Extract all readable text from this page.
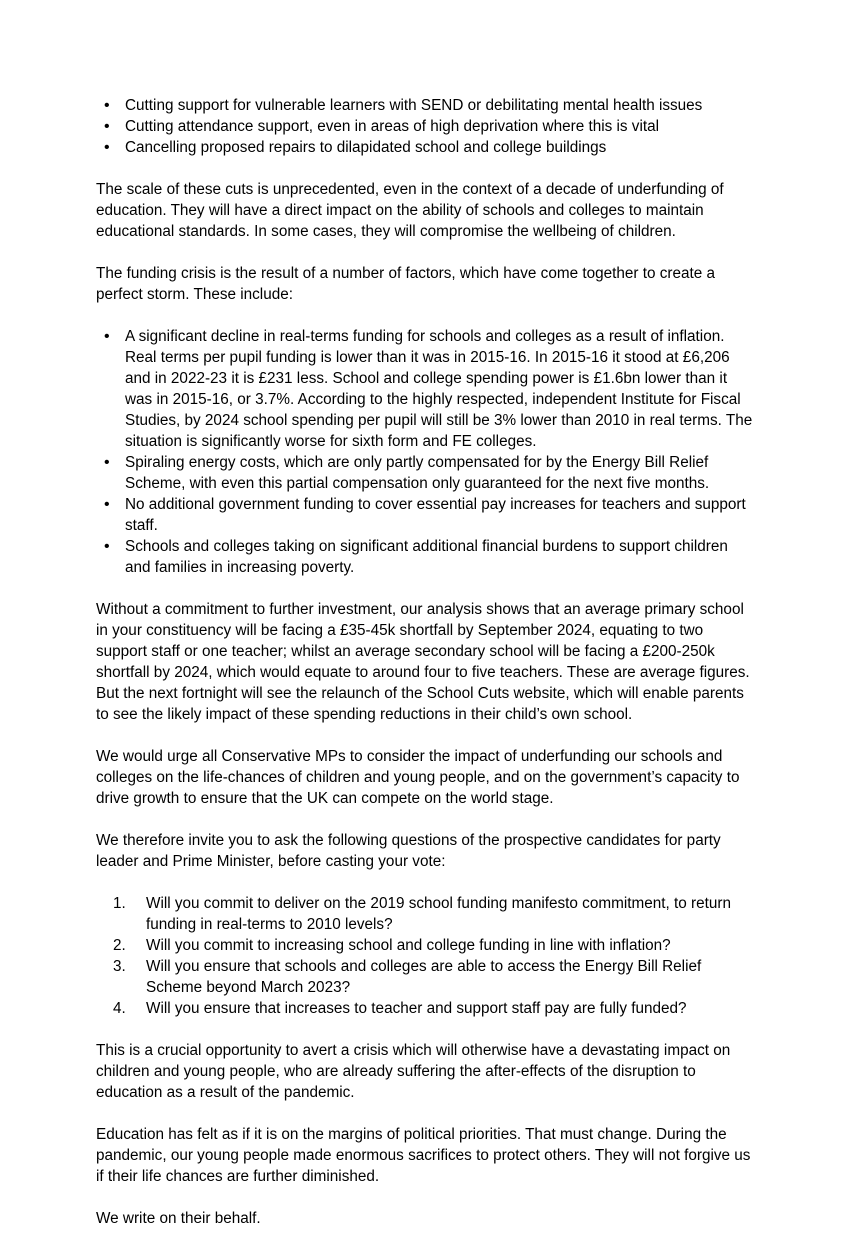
• Cutting support for vulnerable learners with SEND or debilitating mental health issues
• Cutting attendance support, even in areas of high deprivation where this is vital
• Cancelling proposed repairs to dilapidated school and college buildings

The scale of these cuts is unprecedented, even in the context of a decade of underfunding of education. They will have a direct impact on the ability of schools and colleges to maintain educational standards. In some cases, they will compromise the wellbeing of children.

The funding crisis is the result of a number of factors, which have come together to create a perfect storm. These include:

• A significant decline in real-terms funding for schools and colleges as a result of inflation. Real terms per pupil funding is lower than it was in 2015-16. In 2015-16 it stood at £6,206 and in 2022-23 it is £231 less. School and college spending power is £1.6bn lower than it was in 2015-16, or 3.7%. According to the highly respected, independent Institute for Fiscal Studies, by 2024 school spending per pupil will still be 3% lower than 2010 in real terms. The situation is significantly worse for sixth form and FE colleges.
• Spiraling energy costs, which are only partly compensated for by the Energy Bill Relief Scheme, with even this partial compensation only guaranteed for the next five months.
• No additional government funding to cover essential pay increases for teachers and support staff.
• Schools and colleges taking on significant additional financial burdens to support children and families in increasing poverty.

Without a commitment to further investment, our analysis shows that an average primary school in your constituency will be facing a £35-45k shortfall by September 2024, equating to two support staff or one teacher; whilst an average secondary school will be facing a £200-250k shortfall by 2024, which would equate to around four to five teachers. These are average figures. But the next fortnight will see the relaunch of the School Cuts website, which will enable parents to see the likely impact of these spending reductions in their child’s own school.

We would urge all Conservative MPs to consider the impact of underfunding our schools and colleges on the life-chances of children and young people, and on the government’s capacity to drive growth to ensure that the UK can compete on the world stage.

We therefore invite you to ask the following questions of the prospective candidates for party leader and Prime Minister, before casting your vote:

1. Will you commit to deliver on the 2019 school funding manifesto commitment, to return funding in real-terms to 2010 levels?
2. Will you commit to increasing school and college funding in line with inflation?
3. Will you ensure that schools and colleges are able to access the Energy Bill Relief Scheme beyond March 2023?
4. Will you ensure that increases to teacher and support staff pay are fully funded?

This is a crucial opportunity to avert a crisis which will otherwise have a devastating impact on children and young people, who are already suffering the after-effects of the disruption to education as a result of the pandemic.

Education has felt as if it is on the margins of political priorities. That must change. During the pandemic, our young people made enormous sacrifices to protect others. They will not forgive us if their life chances are further diminished.

We write on their behalf.
